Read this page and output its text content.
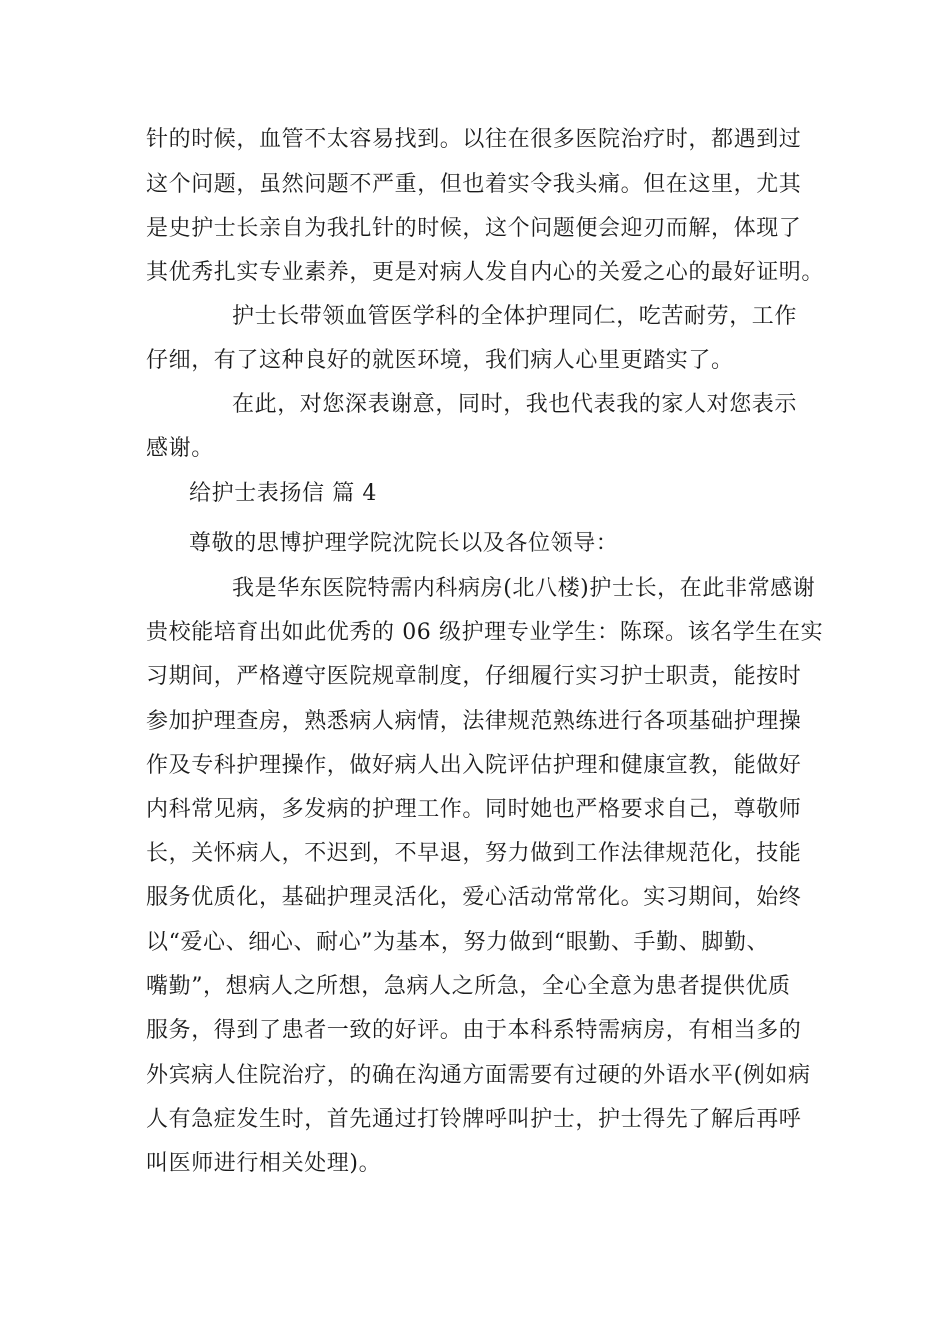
针的时候，血管不太容易找到。以往在很多医院治疗时，都遇到过
这个问题，虽然问题不严重，但也着实令我头痛。但在这里，尤其
是史护士长亲自为我扎针的时候，这个问题便会迎刃而解，体现了
其优秀扎实专业素养，更是对病人发自内心的关爱之心的最好证明。
护士长带领血管医学科的全体护理同仁，吃苦耐劳，工作
仔细，有了这种良好的就医环境，我们病人心里更踏实了。
在此，对您深表谢意，同时，我也代表我的家人对您表示
感谢。
给护士表扬信 篇 4
尊敬的思博护理学院沈院长以及各位领导：
我是华东医院特需内科病房(北八楼)护士长，在此非常感谢
贵校能培育出如此优秀的 06 级护理专业学生：陈琛。该名学生在实
习期间，严格遵守医院规章制度，仔细履行实习护士职责，能按时
参加护理查房，熟悉病人病情，法律规范熟练进行各项基础护理操
作及专科护理操作，做好病人出入院评估护理和健康宣教，能做好
内科常见病，多发病的护理工作。同时她也严格要求自己，尊敬师
长，关怀病人，不迟到，不早退，努力做到工作法律规范化，技能
服务优质化，基础护理灵活化，爱心活动常常化。实习期间，始终
以“爱心、细心、耐心”为基本，努力做到“眼勤、手勤、脚勤、
嘴勤”，想病人之所想，急病人之所急，全心全意为患者提供优质
服务，得到了患者一致的好评。由于本科系特需病房，有相当多的
外宾病人住院治疗，的确在沟通方面需要有过硬的外语水平(例如病
人有急症发生时，首先通过打铃牌呼叫护士，护士得先了解后再呼
叫医师进行相关处理)。
